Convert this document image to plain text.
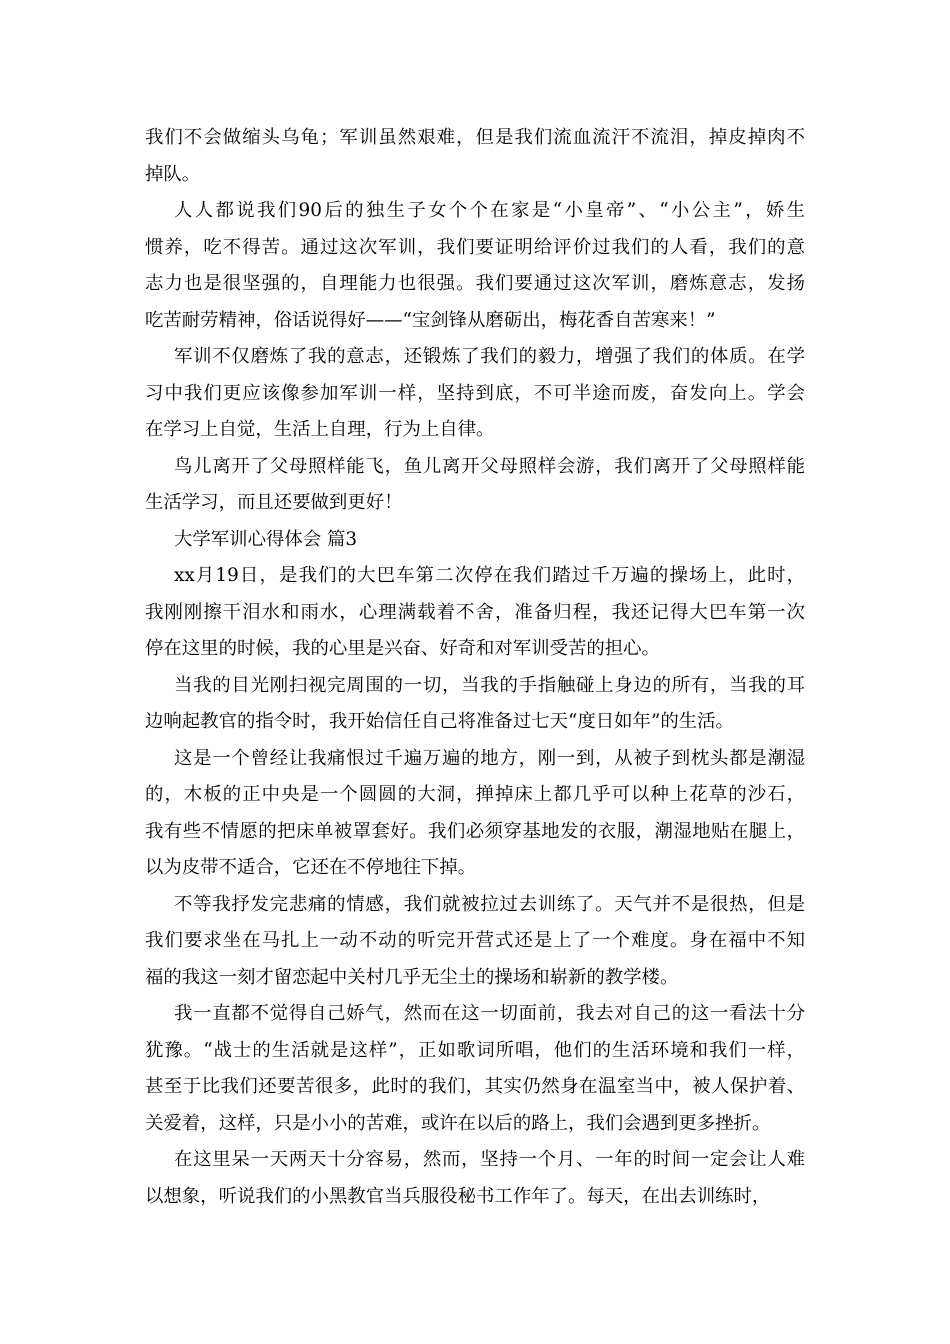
我们不会做缩头乌龟；军训虽然艰难，但是我们流血流汗不流泪，掉皮掉肉不
掉队。
人人都说我们90后的独生子女个个在家是“小皇帝”、“小公主”，娇生
惯养，吃不得苦。通过这次军训，我们要证明给评价过我们的人看，我们的意
志力也是很坚强的，自理能力也很强。我们要通过这次军训，磨炼意志，发扬
吃苦耐劳精神，俗话说得好——“宝剑锋从磨砺出，梅花香自苦寒来！”
军训不仅磨炼了我的意志，还锻炼了我们的毅力，增强了我们的体质。在学
习中我们更应该像参加军训一样，坚持到底，不可半途而废，奋发向上。学会
在学习上自觉，生活上自理，行为上自律。
鸟儿离开了父母照样能飞，鱼儿离开父母照样会游，我们离开了父母照样能
生活学习，而且还要做到更好！
大学军训心得体会 篇3
xx月19日，是我们的大巴车第二次停在我们踏过千万遍的操场上，此时，
我刚刚擦干泪水和雨水，心理满载着不舍，准备归程，我还记得大巴车第一次
停在这里的时候，我的心里是兴奋、好奇和对军训受苦的担心。
当我的目光刚扫视完周围的一切，当我的手指触碰上身边的所有，当我的耳
边响起教官的指令时，我开始信任自己将准备过七天“度日如年”的生活。
这是一个曾经让我痛恨过千遍万遍的地方，刚一到，从被子到枕头都是潮湿
的，木板的正中央是一个圆圆的大洞，掸掉床上都几乎可以种上花草的沙石，
我有些不情愿的把床单被罩套好。我们必须穿基地发的衣服，潮湿地贴在腿上，
以为皮带不适合，它还在不停地往下掉。
不等我抒发完悲痛的情感，我们就被拉过去训练了。天气并不是很热，但是
我们要求坐在马扎上一动不动的听完开营式还是上了一个难度。身在福中不知
福的我这一刻才留恋起中关村几乎无尘土的操场和崭新的教学楼。
我一直都不觉得自己娇气，然而在这一切面前，我去对自己的这一看法十分
犹豫。“战士的生活就是这样”，正如歌词所唱，他们的生活环境和我们一样，
甚至于比我们还要苦很多，此时的我们，其实仍然身在温室当中，被人保护着、
关爱着，这样，只是小小的苦难，或许在以后的路上，我们会遇到更多挫折。
在这里呆一天两天十分容易，然而，坚持一个月、一年的时间一定会让人难
以想象，听说我们的小黑教官当兵服役秘书工作年了。每天，在出去训练时，
